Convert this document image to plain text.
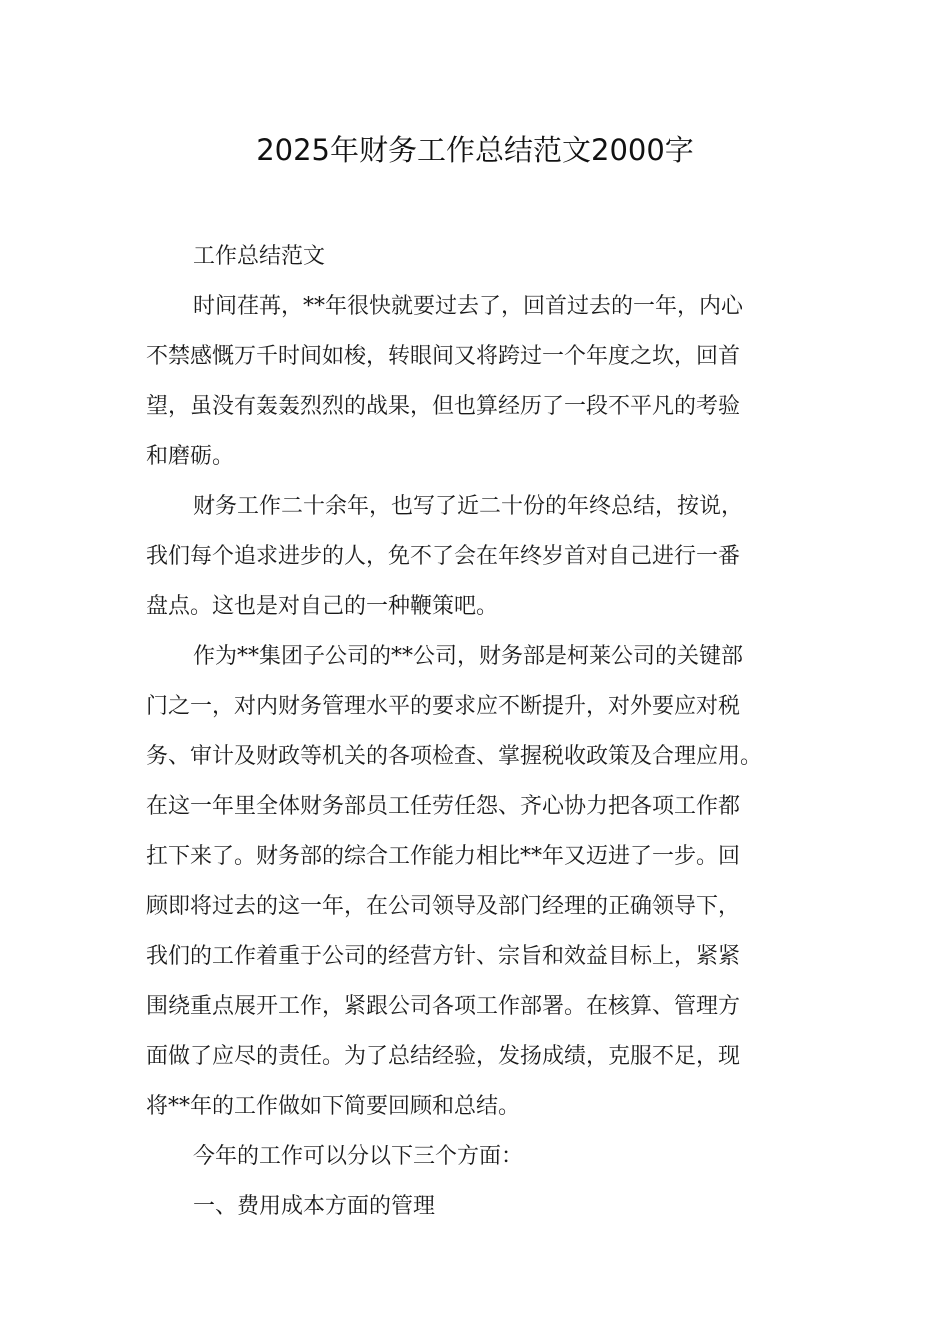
2025年财务工作总结范文2000字
工作总结范文
时间荏苒，**年很快就要过去了，回首过去的一年，内心
不禁感慨万千时间如梭，转眼间又将跨过一个年度之坎，回首
望，虽没有轰轰烈烈的战果，但也算经历了一段不平凡的考验
和磨砺。
财务工作二十余年，也写了近二十份的年终总结，按说，
我们每个追求进步的人，免不了会在年终岁首对自己进行一番
盘点。这也是对自己的一种鞭策吧。
作为**集团子公司的**公司，财务部是柯莱公司的关键部
门之一，对内财务管理水平的要求应不断提升，对外要应对税
务、审计及财政等机关的各项检查、掌握税收政策及合理应用。
在这一年里全体财务部员工任劳任怨、齐心协力把各项工作都
扛下来了。财务部的综合工作能力相比**年又迈进了一步。回
顾即将过去的这一年，在公司领导及部门经理的正确领导下，
我们的工作着重于公司的经营方针、宗旨和效益目标上，紧紧
围绕重点展开工作，紧跟公司各项工作部署。在核算、管理方
面做了应尽的责任。为了总结经验，发扬成绩，克服不足，现
将**年的工作做如下简要回顾和总结。
今年的工作可以分以下三个方面：
一、费用成本方面的管理
